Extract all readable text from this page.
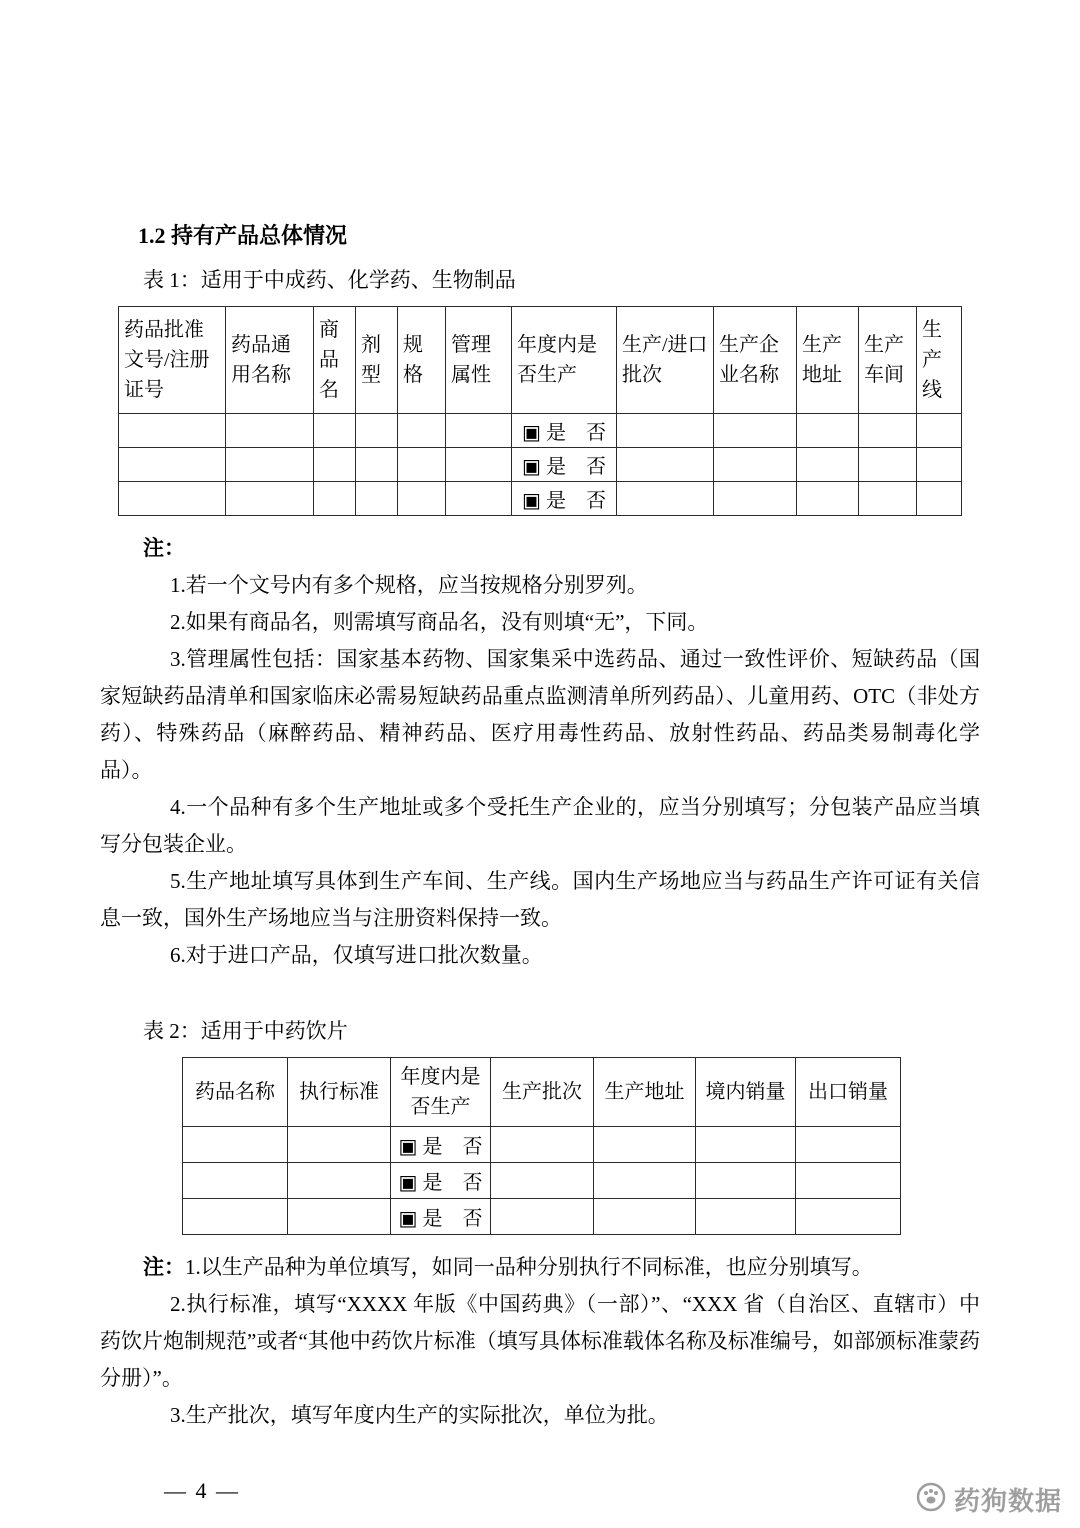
1.2 持有产品总体情况

表 1：适用于中成药、化学药、生物制品

药品批准文号/注册证号	药品通用名称	商品名	剂型	规格	管理属性	年度内是否生产	生产/进口批次	生产企业名称	生产地址	生产车间	生产线
						▣ 是　否					
						▣ 是　否					
						▣ 是　否					

注：

1.若一个文号内有多个规格，应当按规格分别罗列。

2.如果有商品名，则需填写商品名，没有则填“无”，下同。

3.管理属性包括：国家基本药物、国家集采中选药品、通过一致性评价、短缺药品（国家短缺药品清单和国家临床必需易短缺药品重点监测清单所列药品）、儿童用药、OTC（非处方药）、特殊药品（麻醉药品、精神药品、医疗用毒性药品、放射性药品、药品类易制毒化学品）。

4.一个品种有多个生产地址或多个受托生产企业的，应当分别填写；分包装产品应当填写分包装企业。

5.生产地址填写具体到生产车间、生产线。国内生产场地应当与药品生产许可证有关信息一致，国外生产场地应当与注册资料保持一致。

6.对于进口产品，仅填写进口批次数量。

表 2：适用于中药饮片

药品名称	执行标准	年度内是否生产	生产批次	生产地址	境内销量	出口销量
		▣ 是　否				
		▣ 是　否				
		▣ 是　否				

注：1.以生产品种为单位填写，如同一品种分别执行不同标准，也应分别填写。

2.执行标准，填写“XXXX 年版《中国药典》（一部）”、“XXX 省（自治区、直辖市）中药饮片炮制规范”或者“其他中药饮片标准（填写具体标准载体名称及标准编号，如部颁标准蒙药分册）”。

3.生产批次，填写年度内生产的实际批次，单位为批。

— 4 —	药狗数据
